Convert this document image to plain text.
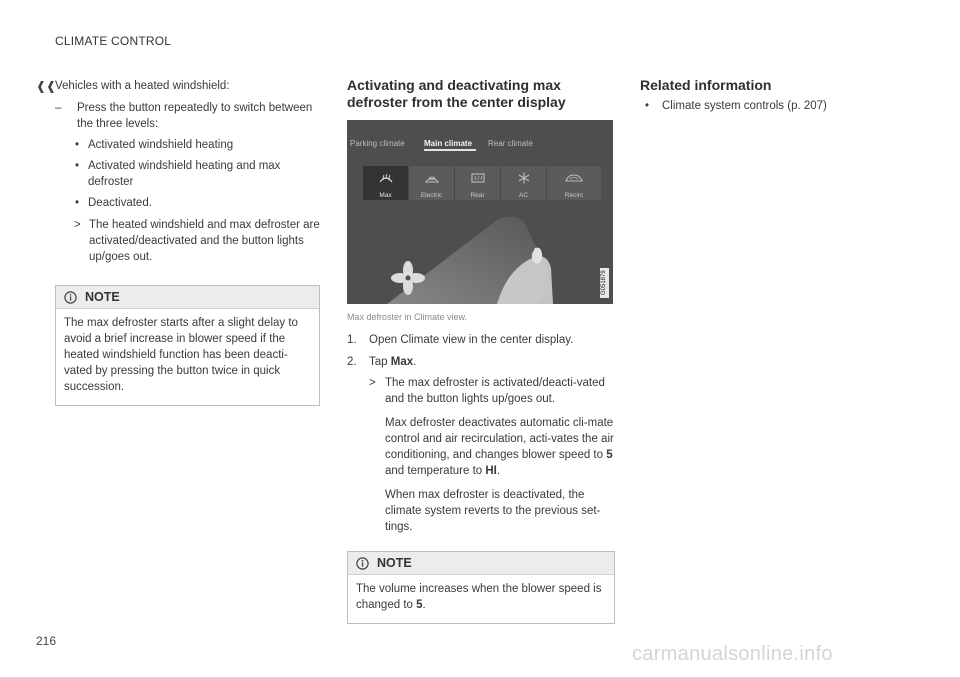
CLIMATE CONTROL
216
carmanualsonline.info
❰❰

Vehicles with a heated windshield:

– Press the button repeatedly to switch between the three levels:
• Activated windshield heating
• Activated windshield heating and max defroster
• Deactivated.
> The heated windshield and max defroster are activated/deactivated and the button lights up/goes out.
NOTE
The max defroster starts after a slight delay to avoid a brief increase in blower speed if the heated windshield function has been deacti-vated by pressing the button twice in quick succession.
Activating and deactivating max defroster from the center display
Parking climate Main climate Rear climate
Max	Electric	Rear	AC	Recirc
G051879
Max defroster in Climate view.
1. Open Climate view in the center display.
2. Tap Max.
> The max defroster is activated/deacti-vated and the button lights up/goes out.

Max defroster deactivates automatic cli-mate control and air recirculation, acti-vates the air conditioning, and changes blower speed to 5 and temperature to HI.

When max defroster is deactivated, the climate system reverts to the previous set-tings.

NOTE
The volume increases when the blower speed is changed to 5.
Related information
• Climate system controls (p. 207)
